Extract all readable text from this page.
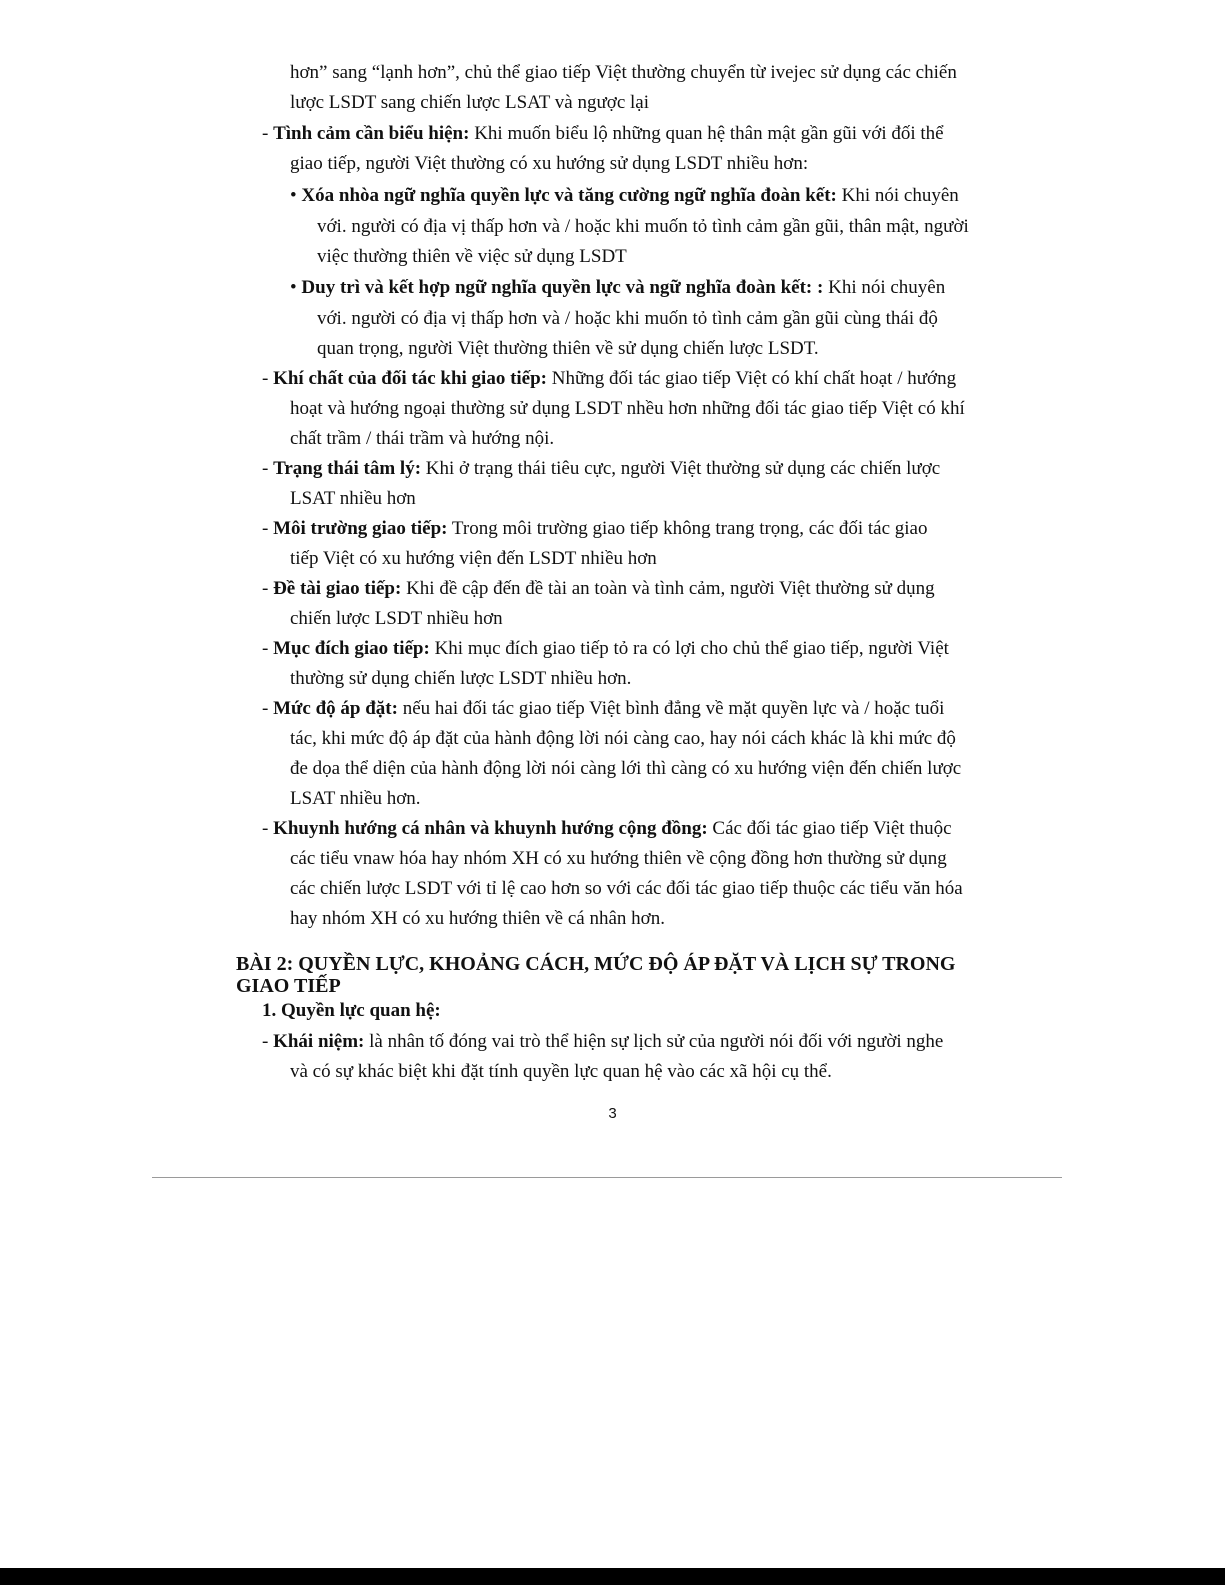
hơn” sang “lạnh hơn”, chủ thể giao tiếp Việt thường chuyển từ ivejec sử dụng các chiến
lược LSDT sang chiến lược LSAT và ngược lại
- Tình cảm cần biểu hiện: Khi muốn biểu lộ những quan hệ thân mật gần gũi với đối thể
giao tiếp, người Việt thường có xu hướng sử dụng LSDT nhiều hơn:
• Xóa nhòa ngữ nghĩa quyền lực và tăng cường ngữ nghĩa đoàn kết: Khi nói chuyên
với. người có địa vị thấp hơn và / hoặc khi muốn tỏ tình cảm gần gũi, thân mật, người
việc thường thiên về việc sử dụng LSDT
• Duy trì và kết hợp ngữ nghĩa quyền lực và ngữ nghĩa đoàn kết: : Khi nói chuyên
với. người có địa vị thấp hơn và / hoặc khi muốn tỏ tình cảm gần gũi cùng thái độ
quan trọng, người Việt thường thiên về sử dụng chiến lược LSDT.
- Khí chất của đối tác khi giao tiếp: Những đối tác giao tiếp Việt có khí chất hoạt / hướng
hoạt và hướng ngoại thường sử dụng LSDT nhều hơn những đối tác giao tiếp Việt có khí
chất trầm / thái trầm và hướng nội.
- Trạng thái tâm lý: Khi ở trạng thái tiêu cực, người Việt thường sử dụng các chiến lược
LSAT nhiều hơn
- Môi trường giao tiếp: Trong môi trường giao tiếp không trang trọng, các đối tác giao
tiếp Việt có xu hướng viện đến LSDT nhiều hơn
- Đề tài giao tiếp: Khi đề cập đến đề tài an toàn và tình cảm, người Việt thường sử dụng
chiến lược LSDT nhiều hơn
- Mục đích giao tiếp: Khi mục đích giao tiếp tỏ ra có lợi cho chủ thể giao tiếp, người Việt
thường sử dụng chiến lược LSDT nhiều hơn.
- Mức độ áp đặt: nếu hai đối tác giao tiếp Việt bình đẳng về mặt quyền lực và / hoặc tuổi
tác, khi mức độ áp đặt của hành động lời nói càng cao, hay nói cách khác là khi mức độ
đe dọa thể diện của hành động lời nói càng lới thì càng có xu hướng viện đến chiến lược
LSAT nhiều hơn.
- Khuynh hướng cá nhân và khuynh hướng cộng đồng: Các đối tác giao tiếp Việt thuộc
các tiểu vnaw hóa hay nhóm XH có xu hướng thiên về cộng đồng hơn thường sử dụng
các chiến lược LSDT với tỉ lệ cao hơn so với các đối tác giao tiếp thuộc các tiểu văn hóa
hay nhóm XH có xu hướng thiên về cá nhân hơn.
BÀI 2: QUYỀN LỰC, KHOẢNG CÁCH, MỨC ĐỘ ÁP ĐẶT VÀ LỊCH SỰ TRONG
GIAO TIẾP
1. Quyền lực quan hệ:
- Khái niệm: là nhân tố đóng vai trò thể hiện sự lịch sử của người nói đối với người nghe
và có sự khác biệt khi đặt tính quyền lực quan hệ vào các xã hội cụ thể.
3
